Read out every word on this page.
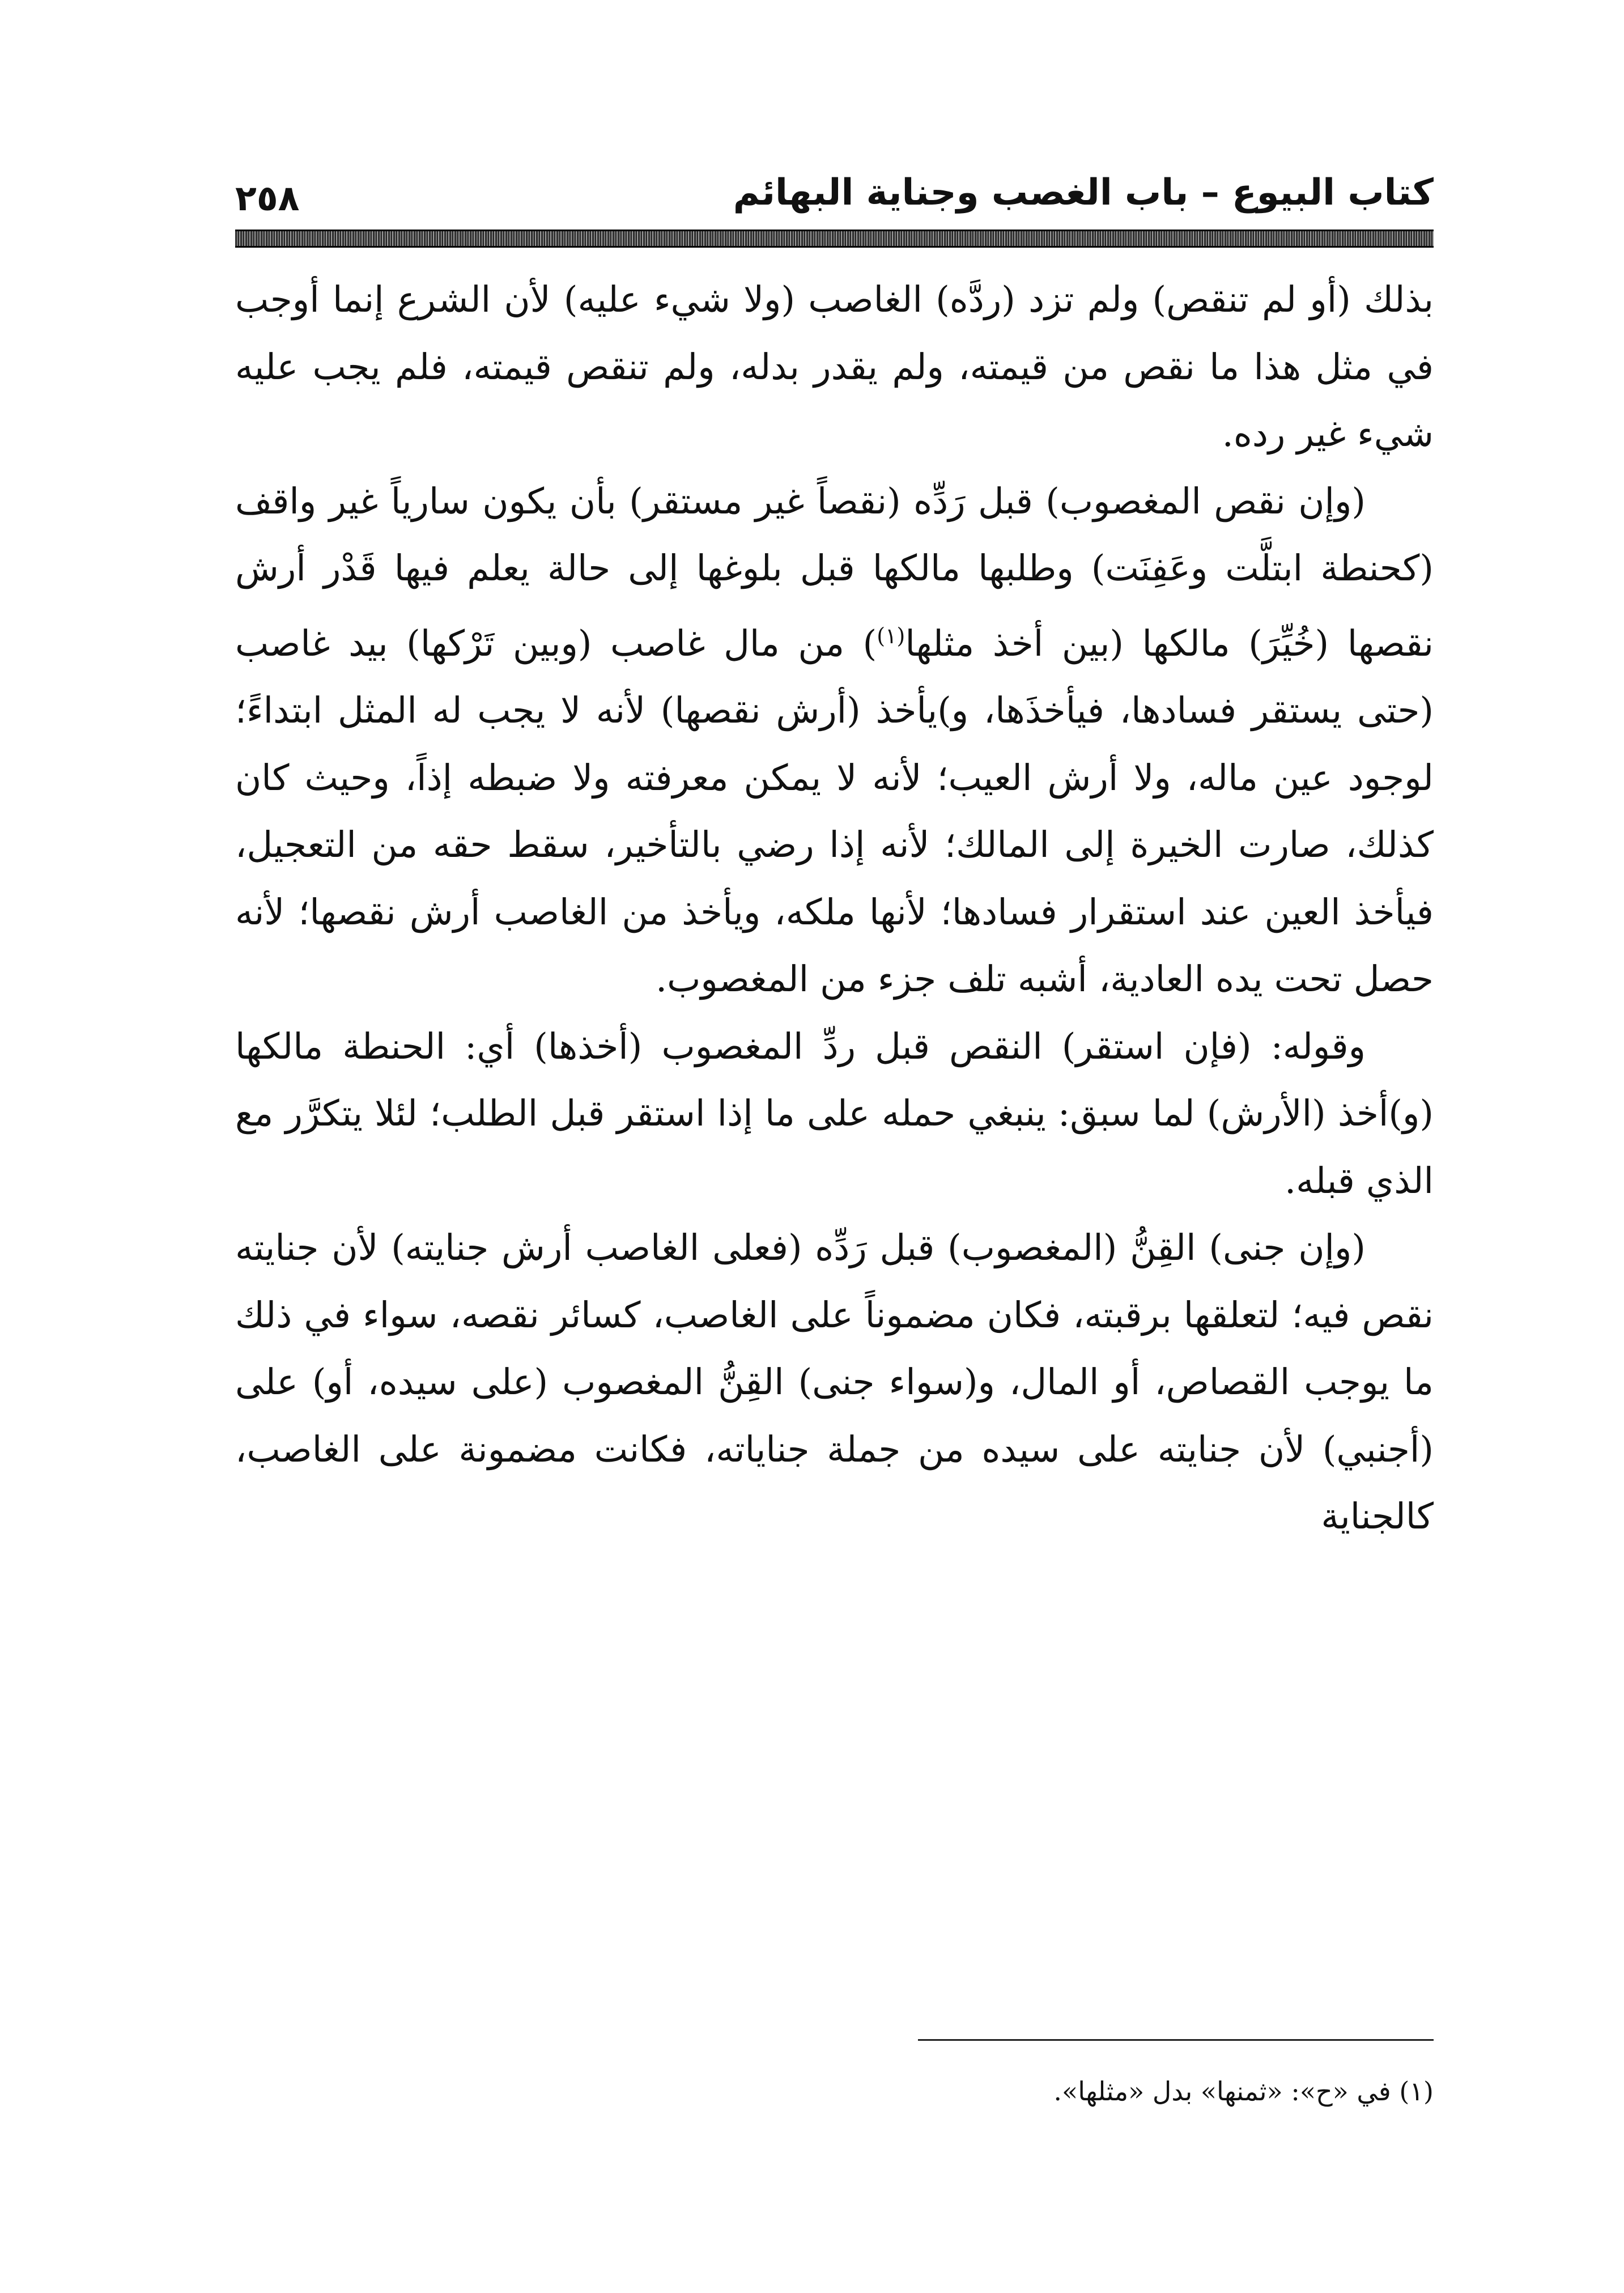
كتاب البيوع – باب الغصب وجناية البهائم
٢٥٨

بذلك (أو لم تنقص) ولم تزد (ردَّه) الغاصب (ولا شيء عليه) لأن الشرع إنما أوجب في مثل هذا ما نقص من قيمته، ولم يقدر بدله، ولم تنقص قيمته، فلم يجب عليه شيء غير رده.

(وإن نقص المغصوب) قبل رَدِّه (نقصاً غير مستقر) بأن يكون سارياً غير واقف (كحنطة ابتلَّت وعَفِنَت) وطلبها مالكها قبل بلوغها إلى حالة يعلم فيها قَدْر أرش نقصها (خُيِّرَ) مالكها (بين أخذ مثلها$^{(١)}$) من مال غاصب (وبين تَرْكها) بيد غاصب (حتى يستقر فسادها، فيأخذَها، و)يأخذ (أرش نقصها) لأنه لا يجب له المثل ابتداءً؛ لوجود عين ماله، ولا أرش العيب؛ لأنه لا يمكن معرفته ولا ضبطه إذاً، وحيث كان كذلك، صارت الخيرة إلى المالك؛ لأنه إذا رضي بالتأخير، سقط حقه من التعجيل، فيأخذ العين عند استقرار فسادها؛ لأنها ملكه، ويأخذ من الغاصب أرش نقصها؛ لأنه حصل تحت يده العادية، أشبه تلف جزء من المغصوب.

وقوله: (فإن استقر) النقص قبل ردِّ المغصوب (أخذها) أي: الحنطة مالكها (و)أخذ (الأرش) لما سبق: ينبغي حمله على ما إذا استقر قبل الطلب؛ لئلا يتكرَّر مع الذي قبله.

(وإن جنى) القِنُّ (المغصوب) قبل رَدِّه (فعلى الغاصب أرش جنايته) لأن جنايته نقص فيه؛ لتعلقها برقبته، فكان مضموناً على الغاصب، كسائر نقصه، سواء في ذلك ما يوجب القصاص، أو المال، و(سواء جنى) القِنُّ المغصوب (على سيده، أو) على (أجنبي) لأن جنايته على سيده من جملة جناياته، فكانت مضمونة على الغاصب، كالجناية

(١) في «ح»: «ثمنها» بدل «مثلها».
